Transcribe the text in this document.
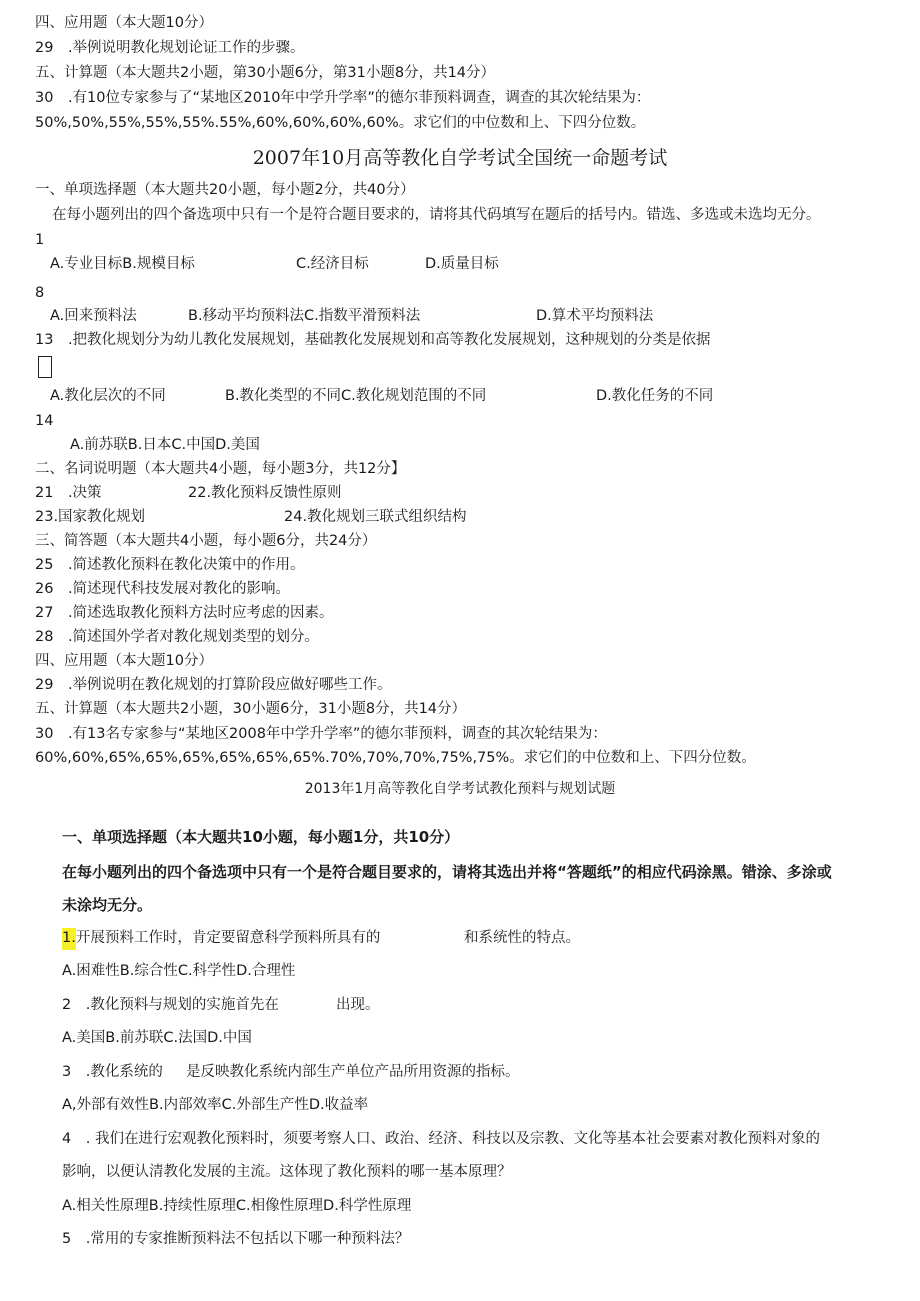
四、应用题（本大题10分）
29　.举例说明教化规划论证工作的步骤。
五、计算题（本大题共2小题，第30小题6分，第31小题8分，共14分）
30　.有10位专家参与了“某地区2010年中学升学率”的德尔菲预料调查，调查的其次轮结果为：
50%,50%,55%,55%,55%.55%,60%,60%,60%,60%。求它们的中位数和上、下四分位数。
2007年10月高等教化自学考试全国统一命题考试
一、单项选择题（本大题共20小题，每小题2分，共40分）
在每小题列出的四个备选项中只有一个是符合题目要求的，请将其代码填写在题后的括号内。错选、多选或未选均无分。
1
A.专业目标B.规模目标	C.经济目标	D.质量目标
8
A.回来预料法	B.移动平均预料法C.指数平滑预料法	D.算术平均预料法
13　.把教化规划分为幼儿教化发展规划，基础教化发展规划和高等教化发展规划，这种规划的分类是依据
A.教化层次的不同	B.教化类型的不同C.教化规划范围的不同	D.教化任务的不同
14
A.前苏联B.日本C.中国D.美国
二、名词说明题（本大题共4小题，每小题3分，共12分】
21　.决策	22.教化预料反馈性原则
23.国家教化规划	24.教化规划三联式组织结构
三、简答题（本大题共4小题，每小题6分，共24分）
25　.简述教化预料在教化决策中的作用。
26　.简述现代科技发展对教化的影响。
27　.简述选取教化预料方法时应考虑的因素。
28　.简述国外学者对教化规划类型的划分。
四、应用题（本大题10分）
29　.举例说明在教化规划的打算阶段应做好哪些工作。
五、计算题（本大题共2小题，30小题6分，31小题8分，共14分）
30　.有13名专家参与“某地区2008年中学升学率”的德尔菲预料，调查的其次轮结果为：
60%,60%,65%,65%,65%,65%,65%,65%.70%,70%,70%,75%,75%。求它们的中位数和上、下四分位数。
2013年1月高等教化自学考试教化预料与规划试题
一、单项选择题（本大题共10小题，每小题1分，共10分）
在每小题列出的四个备选项中只有一个是符合题目要求的，请将其选出并将“答题纸”的相应代码涂黑。错涂、多涂或
未涂均无分。
1.开展预料工作时，肯定要留意科学预料所具有的	和系统性的特点。
A.困难性B.综合性C.科学性D.合理性
2　.教化预料与规划的实施首先在	出现。
A.美国B.前苏联C.法国D.中国
3　.教化系统的 是反映教化系统内部生产单位产品所用资源的指标。
A,外部有效性B.内部效率C.外部生产性D.收益率
4　. 我们在进行宏观教化预料时，须要考察人口、政治、经济、科技以及宗教、文化等基本社会要素对教化预料对象的
影响，以便认清教化发展的主流。这体现了教化预料的哪一基本原理？
A.相关性原理B.持续性原理C.相像性原理D.科学性原理
5　.常用的专家推断预料法不包括以下哪一种预料法？
